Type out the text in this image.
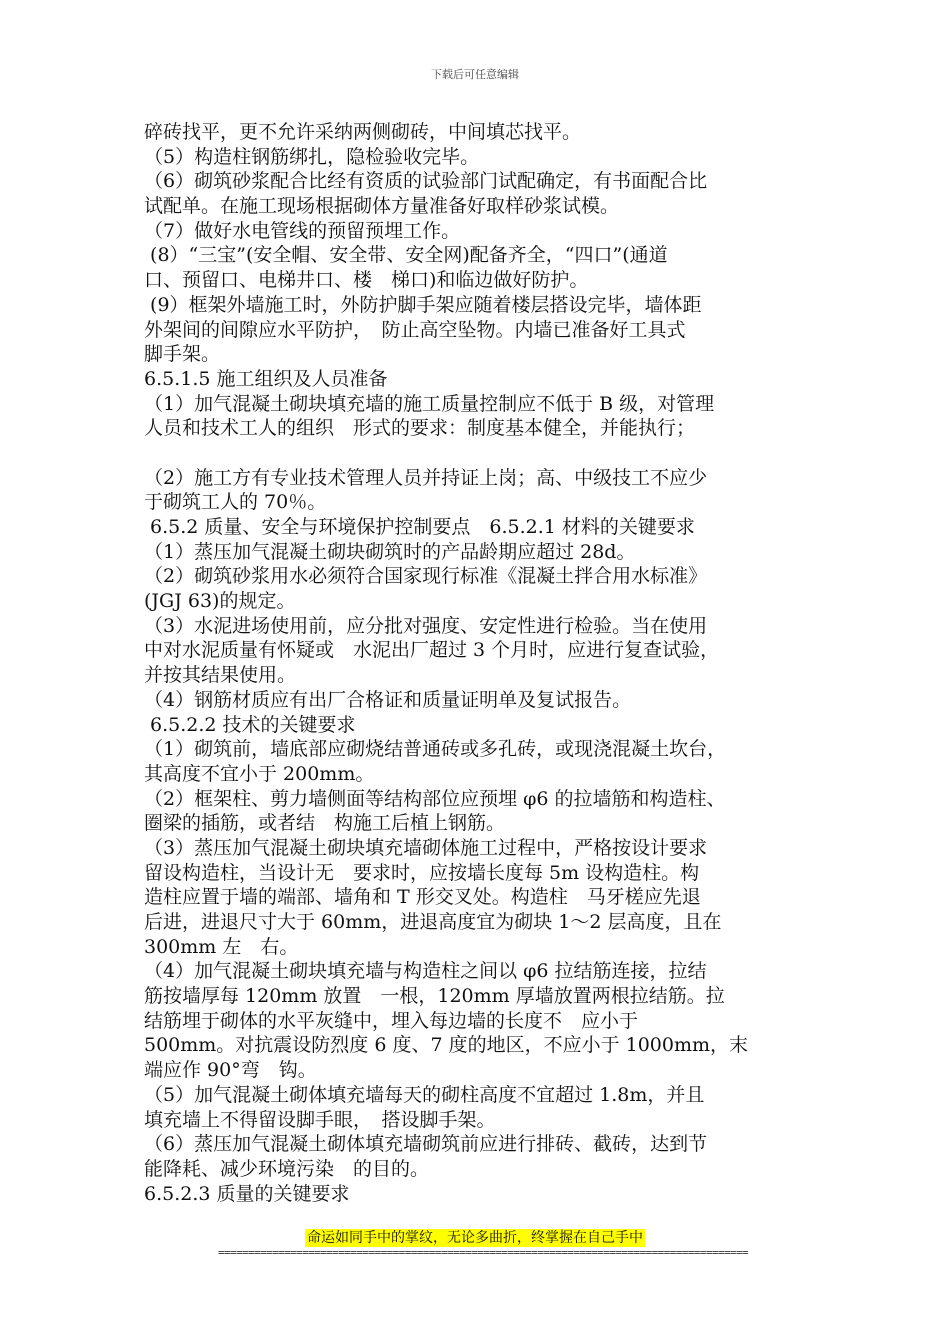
下载后可任意编辑
碎砖找平，更不允许采纳两侧砌砖，中间填芯找平。
（5）构造柱钢筋绑扎，隐检验收完毕。
（6）砌筑砂浆配合比经有资质的试验部门试配确定，有书面配合比
试配单。在施工现场根据砌体方量准备好取样砂浆试模。
（7）做好水电管线的预留预埋工作。
(8）“三宝”(安全帽、安全带、安全网)配备齐全，“四口”(通道
口、预留口、电梯井口、楼　梯口)和临边做好防护。
(9）框架外墙施工时，外防护脚手架应随着楼层搭设完毕，墙体距
外架间的间隙应水平防护，　防止高空坠物。内墙已准备好工具式
脚手架。
6.5.1.5 施工组织及人员准备
（1）加气混凝土砌块填充墙的施工质量控制应不低于 B 级，对管理
人员和技术工人的组织　形式的要求：制度基本健全，并能执行；
（2）施工方有专业技术管理人员并持证上岗；高、中级技工不应少
于砌筑工人的 70％。
6.5.2 质量、安全与环境保护控制要点　6.5.2.1 材料的关键要求
（1）蒸压加气混凝土砌块砌筑时的产品龄期应超过 28d。
（2）砌筑砂浆用水必须符合国家现行标准《混凝土拌合用水标准》
(JGJ 63)的规定。
（3）水泥进场使用前，应分批对强度、安定性进行检验。当在使用
中对水泥质量有怀疑或　水泥出厂超过 3 个月时，应进行复查试验，
并按其结果使用。
（4）钢筋材质应有出厂合格证和质量证明单及复试报告。
6.5.2.2 技术的关键要求
（1）砌筑前，墙底部应砌烧结普通砖或多孔砖，或现浇混凝土坎台，
其高度不宜小于 200mm。
（2）框架柱、剪力墙侧面等结构部位应预埋 φ6 的拉墙筋和构造柱、
圈梁的插筋，或者结　构施工后植上钢筋。
（3）蒸压加气混凝土砌块填充墙砌体施工过程中，严格按设计要求
留设构造柱，当设计无　要求时，应按墙长度每 5m 设构造柱。构
造柱应置于墙的端部、墙角和 T 形交叉处。构造柱　马牙槎应先退
后进，进退尺寸大于 60mm，进退高度宜为砌块 1～2 层高度，且在
300mm 左　右。
（4）加气混凝土砌块填充墙与构造柱之间以 φ6 拉结筋连接，拉结
筋按墙厚每 120mm 放置　一根，120mm 厚墙放置两根拉结筋。拉
结筋埋于砌体的水平灰缝中，埋入每边墙的长度不　应小于
500mm。对抗震设防烈度 6 度、7 度的地区，不应小于 1000mm，末
端应作 90°弯　钩。
（5）加气混凝土砌体填充墙每天的砌柱高度不宜超过 1.8m，并且
填充墙上不得留设脚手眼，　搭设脚手架。
（6）蒸压加气混凝土砌体填充墙砌筑前应进行排砖、截砖，达到节
能降耗、减少环境污染　的目的。
6.5.2.3 质量的关键要求
命运如同手中的掌纹，无论多曲折，终掌握在自己手中
========================================================================================
